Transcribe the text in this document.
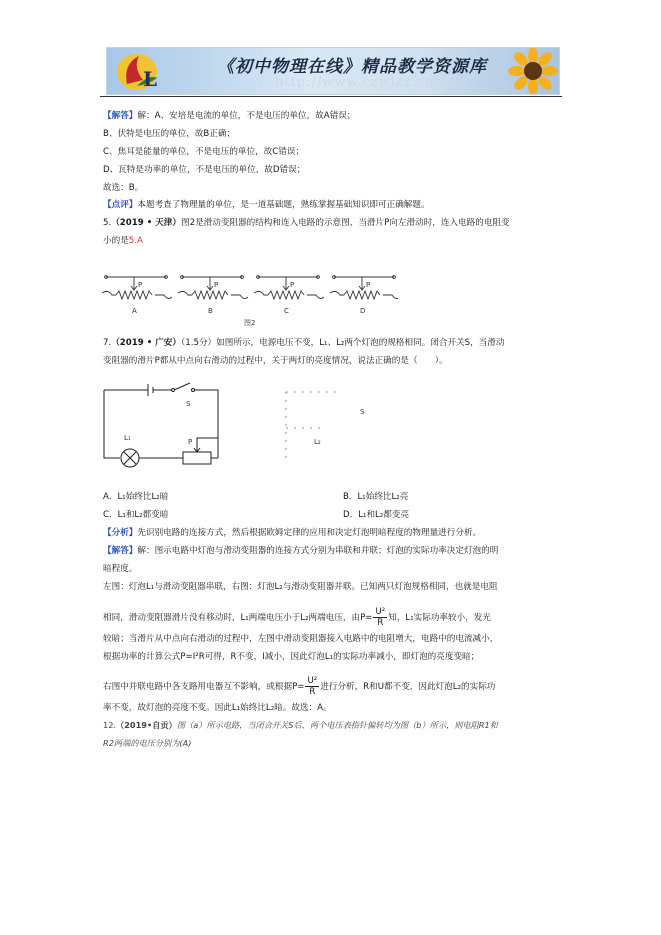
L	《初中物理在线》精品教学资源库
http://www.czwlzx.com
【解答】解：A、安培是电流的单位，不是电压的单位，故A错误；
B、伏特是电压的单位，故B正确；
C、焦耳是能量的单位，不是电压的单位，故C错误；
D、瓦特是功率的单位，不是电压的单位，故D错误；
故选：B。
【点评】本题考查了物理量的单位，是一道基础题，熟练掌握基础知识即可正确解题。
5.（2019 • 天津）图2是滑动变阻器的结构和连入电路的示意图，当滑片P向左滑动时，连入电路的电阻变
小的是5.A
P	P	P	P
A	B	C	D
图2
7.（2019 • 广安）（1.5分）如图所示，电源电压不变，L₁、L₂两个灯泡的规格相同。闭合开关S，当滑动
变阻器的滑片P都从中点向右滑动的过程中，关于两灯的亮度情况，说法正确的是（　　）。
S
L₁	P
S
L₂
A．L₁始终比L₂暗	B．L₁始终比L₂亮
C．L₁和L₂都变暗	D．L₁和L₂都变亮
【分析】先识别电路的连接方式，然后根据欧姆定律的应用和决定灯泡明暗程度的物理量进行分析。
【解答】解：图示电路中灯泡与滑动变阻器的连接方式分别为串联和并联；灯泡的实际功率决定灯泡的明
暗程度。
左图：灯泡L₁与滑动变阻器串联，右图：灯泡L₂与滑动变阻器并联。已知两只灯泡规格相同，也就是电阻
相同，滑动变阻器滑片没有移动时，L₁两端电压小于L₂两端电压，由$P= \frac{\text{U²}}{R}$ 知，L₁实际功率较小，发光
较暗；当滑片从中点向右滑动的过程中，左图中滑动变阻器接入电路中的电阻增大，电路中的电流减小，
根据功率的计算公式P=I²R可得，R不变，I减小，因此灯泡L₁的实际功率减小，即灯泡的亮度变暗；
右图中并联电路中各支路用电器互不影响，或根据$P= \frac{\text{U²}}{R}$ 进行分析，R和U都不变，因此灯泡L₂的实际功
率不变，故灯泡的亮度不变。因此L₁始终比L₂暗。故选：A。
12.（2019•自贡）图（a）所示电路，当闭合开关S后，两个电压表指针偏转均为图（b）所示，则电阻R1和
R2两端的电压分别为(A)
